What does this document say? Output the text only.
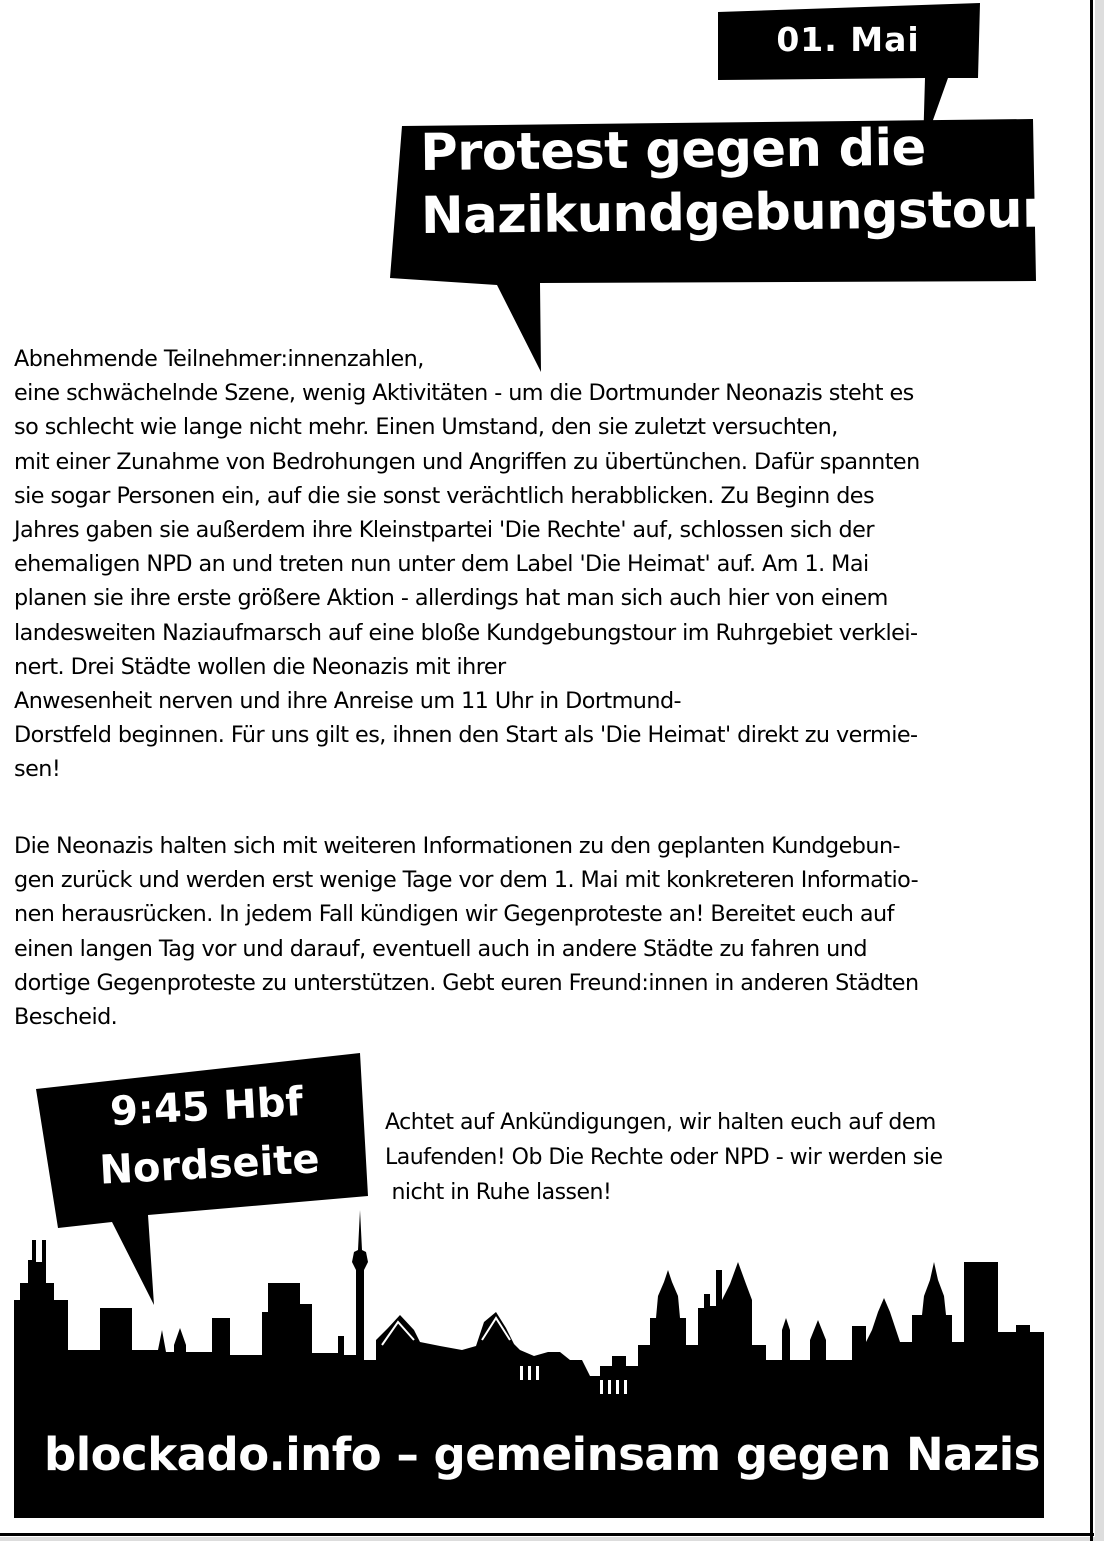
01. Mai
Protest gegen die
Nazikundgebungstour
Abnehmende Teilnehmer:innenzahlen,
eine schwächelnde Szene, wenig Aktivitäten - um die Dortmunder Neonazis steht es
so schlecht wie lange nicht mehr. Einen Umstand, den sie zuletzt versuchten,
mit einer Zunahme von Bedrohungen und Angriffen zu übertünchen. Dafür spannten
sie sogar Personen ein, auf die sie sonst verächtlich herabblicken. Zu Beginn des
Jahres gaben sie außerdem ihre Kleinstpartei 'Die Rechte' auf, schlossen sich der
ehemaligen NPD an und treten nun unter dem Label 'Die Heimat' auf. Am 1. Mai
planen sie ihre erste größere Aktion - allerdings hat man sich auch hier von einem
landesweiten Naziaufmarsch auf eine bloße Kundgebungstour im Ruhrgebiet verklei-
nert. Drei Städte wollen die Neonazis mit ihrer
Anwesenheit nerven und ihre Anreise um 11 Uhr in Dortmund-
Dorstfeld beginnen. Für uns gilt es, ihnen den Start als 'Die Heimat' direkt zu vermie-
sen!
Die Neonazis halten sich mit weiteren Informationen zu den geplanten Kundgebun-
gen zurück und werden erst wenige Tage vor dem 1. Mai mit konkreteren Informatio-
nen herausrücken. In jedem Fall kündigen wir Gegenproteste an! Bereitet euch auf
einen langen Tag vor und darauf, eventuell auch in andere Städte zu fahren und
dortige Gegenproteste zu unterstützen. Gebt euren Freund:innen in anderen Städten
Bescheid.
9:45 Hbf
Nordseite
Achtet auf Ankündigungen, wir halten euch auf dem
Laufenden! Ob Die Rechte oder NPD - wir werden sie
nicht in Ruhe lassen!
blockado.info – gemeinsam gegen Nazis
